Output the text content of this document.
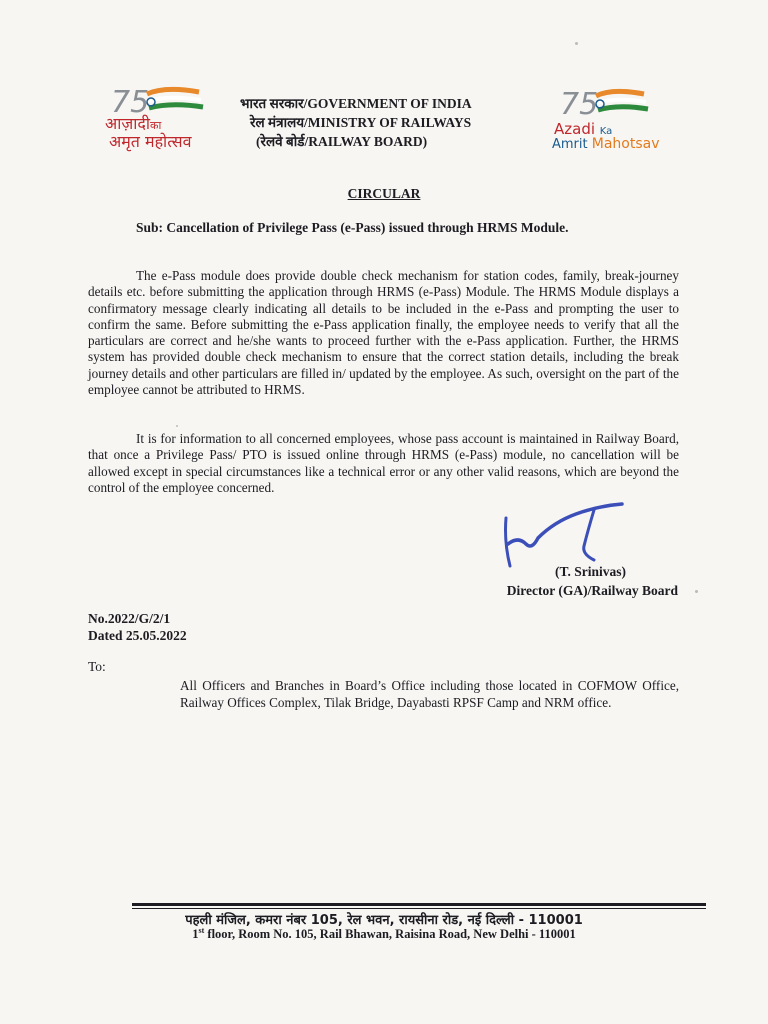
75
आज़ादीका
अमृत महोत्सव
भारत सरकार/GOVERNMENT OF INDIA
रेल मंत्रालय/MINISTRY OF RAILWAYS
(रेलवे बोर्ड/RAILWAY BOARD)
75
Azadi Ka
Amrit Mahotsav
CIRCULAR
Sub: Cancellation of Privilege Pass (e-Pass) issued through HRMS Module.
The e-Pass module does provide double check mechanism for station codes, family, break-journey details etc. before submitting the application through HRMS (e-Pass) Module. The HRMS Module displays a confirmatory message clearly indicating all details to be included in the e-Pass and prompting the user to confirm the same. Before submitting the e-Pass application finally, the employee needs to verify that all the particulars are correct and he/she wants to proceed further with the e-Pass application. Further, the HRMS system has provided double check mechanism to ensure that the correct station details, including the break journey details and other particulars are filled in/ updated by the employee. As such, oversight on the part of the employee cannot be attributed to HRMS.
It is for information to all concerned employees, whose pass account is maintained in Railway Board, that once a Privilege Pass/ PTO is issued online through HRMS (e-Pass) module, no cancellation will be allowed except in special circumstances like a technical error or any other valid reasons, which are beyond the control of the employee concerned.
(T. Srinivas)
Director (GA)/Railway Board
No.2022/G/2/1
Dated 25.05.2022
To:
All Officers and Branches in Board’s Office including those located in COFMOW Office, Railway Offices Complex, Tilak Bridge, Dayabasti RPSF Camp and NRM office.
पहली मंजिल, कमरा नंबर 105, रेल भवन, रायसीना रोड, नई दिल्ली - 110001
1st floor, Room No. 105, Rail Bhawan, Raisina Road, New Delhi - 110001
